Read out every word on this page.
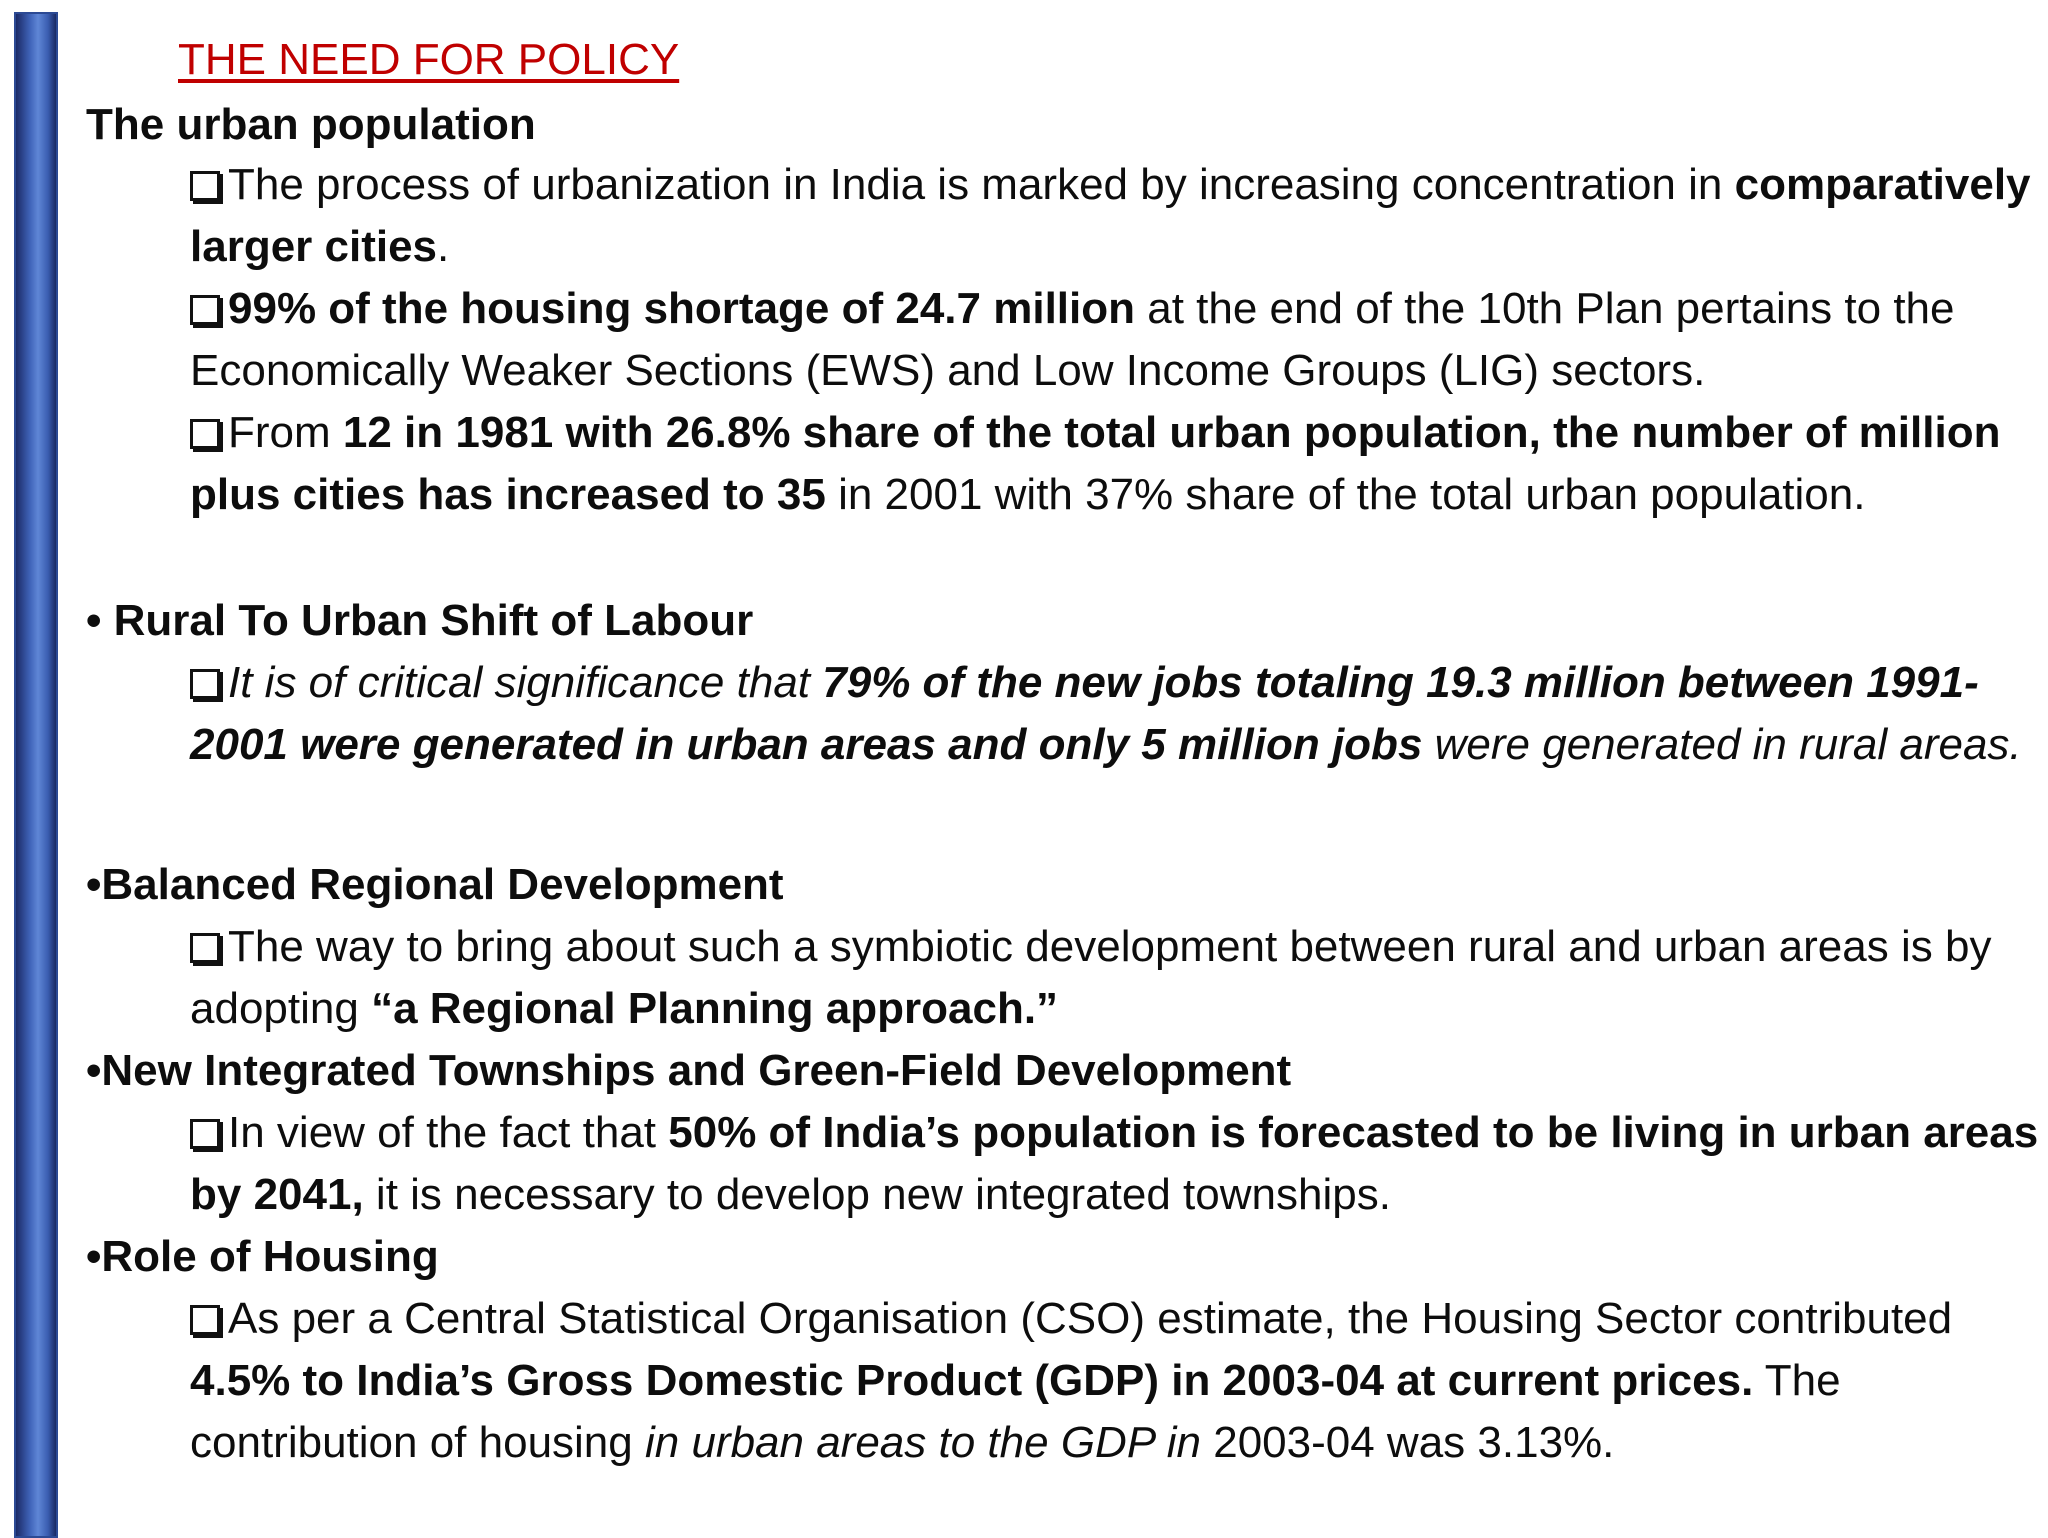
THE NEED FOR POLICY
The urban population
The process of urbanization in India is marked by increasing concentration in comparatively larger cities.
99% of the housing shortage of 24.7 million at the end of the 10th Plan pertains to the Economically Weaker Sections (EWS) and Low Income Groups (LIG) sectors.
From 12 in 1981 with 26.8% share of the total urban population, the number of million plus cities has increased to 35 in 2001 with 37% share of the total urban population.
• Rural To Urban Shift of Labour
It is of critical significance that 79% of the new jobs totaling 19.3 million between 1991-2001 were generated in urban areas and only 5 million jobs were generated in rural areas.
•Balanced Regional Development
The way to bring about such a symbiotic development between rural and urban areas is by adopting “a Regional Planning approach.”
•New Integrated Townships and Green-Field Development
In view of the fact that 50% of India’s population is forecasted to be living in urban areas by 2041, it is necessary to develop new integrated townships.
•Role of Housing
As per a Central Statistical Organisation (CSO) estimate, the Housing Sector contributed 4.5% to India’s Gross Domestic Product (GDP) in 2003-04 at current prices. The contribution of housing in urban areas to the GDP in 2003-04 was 3.13%.
